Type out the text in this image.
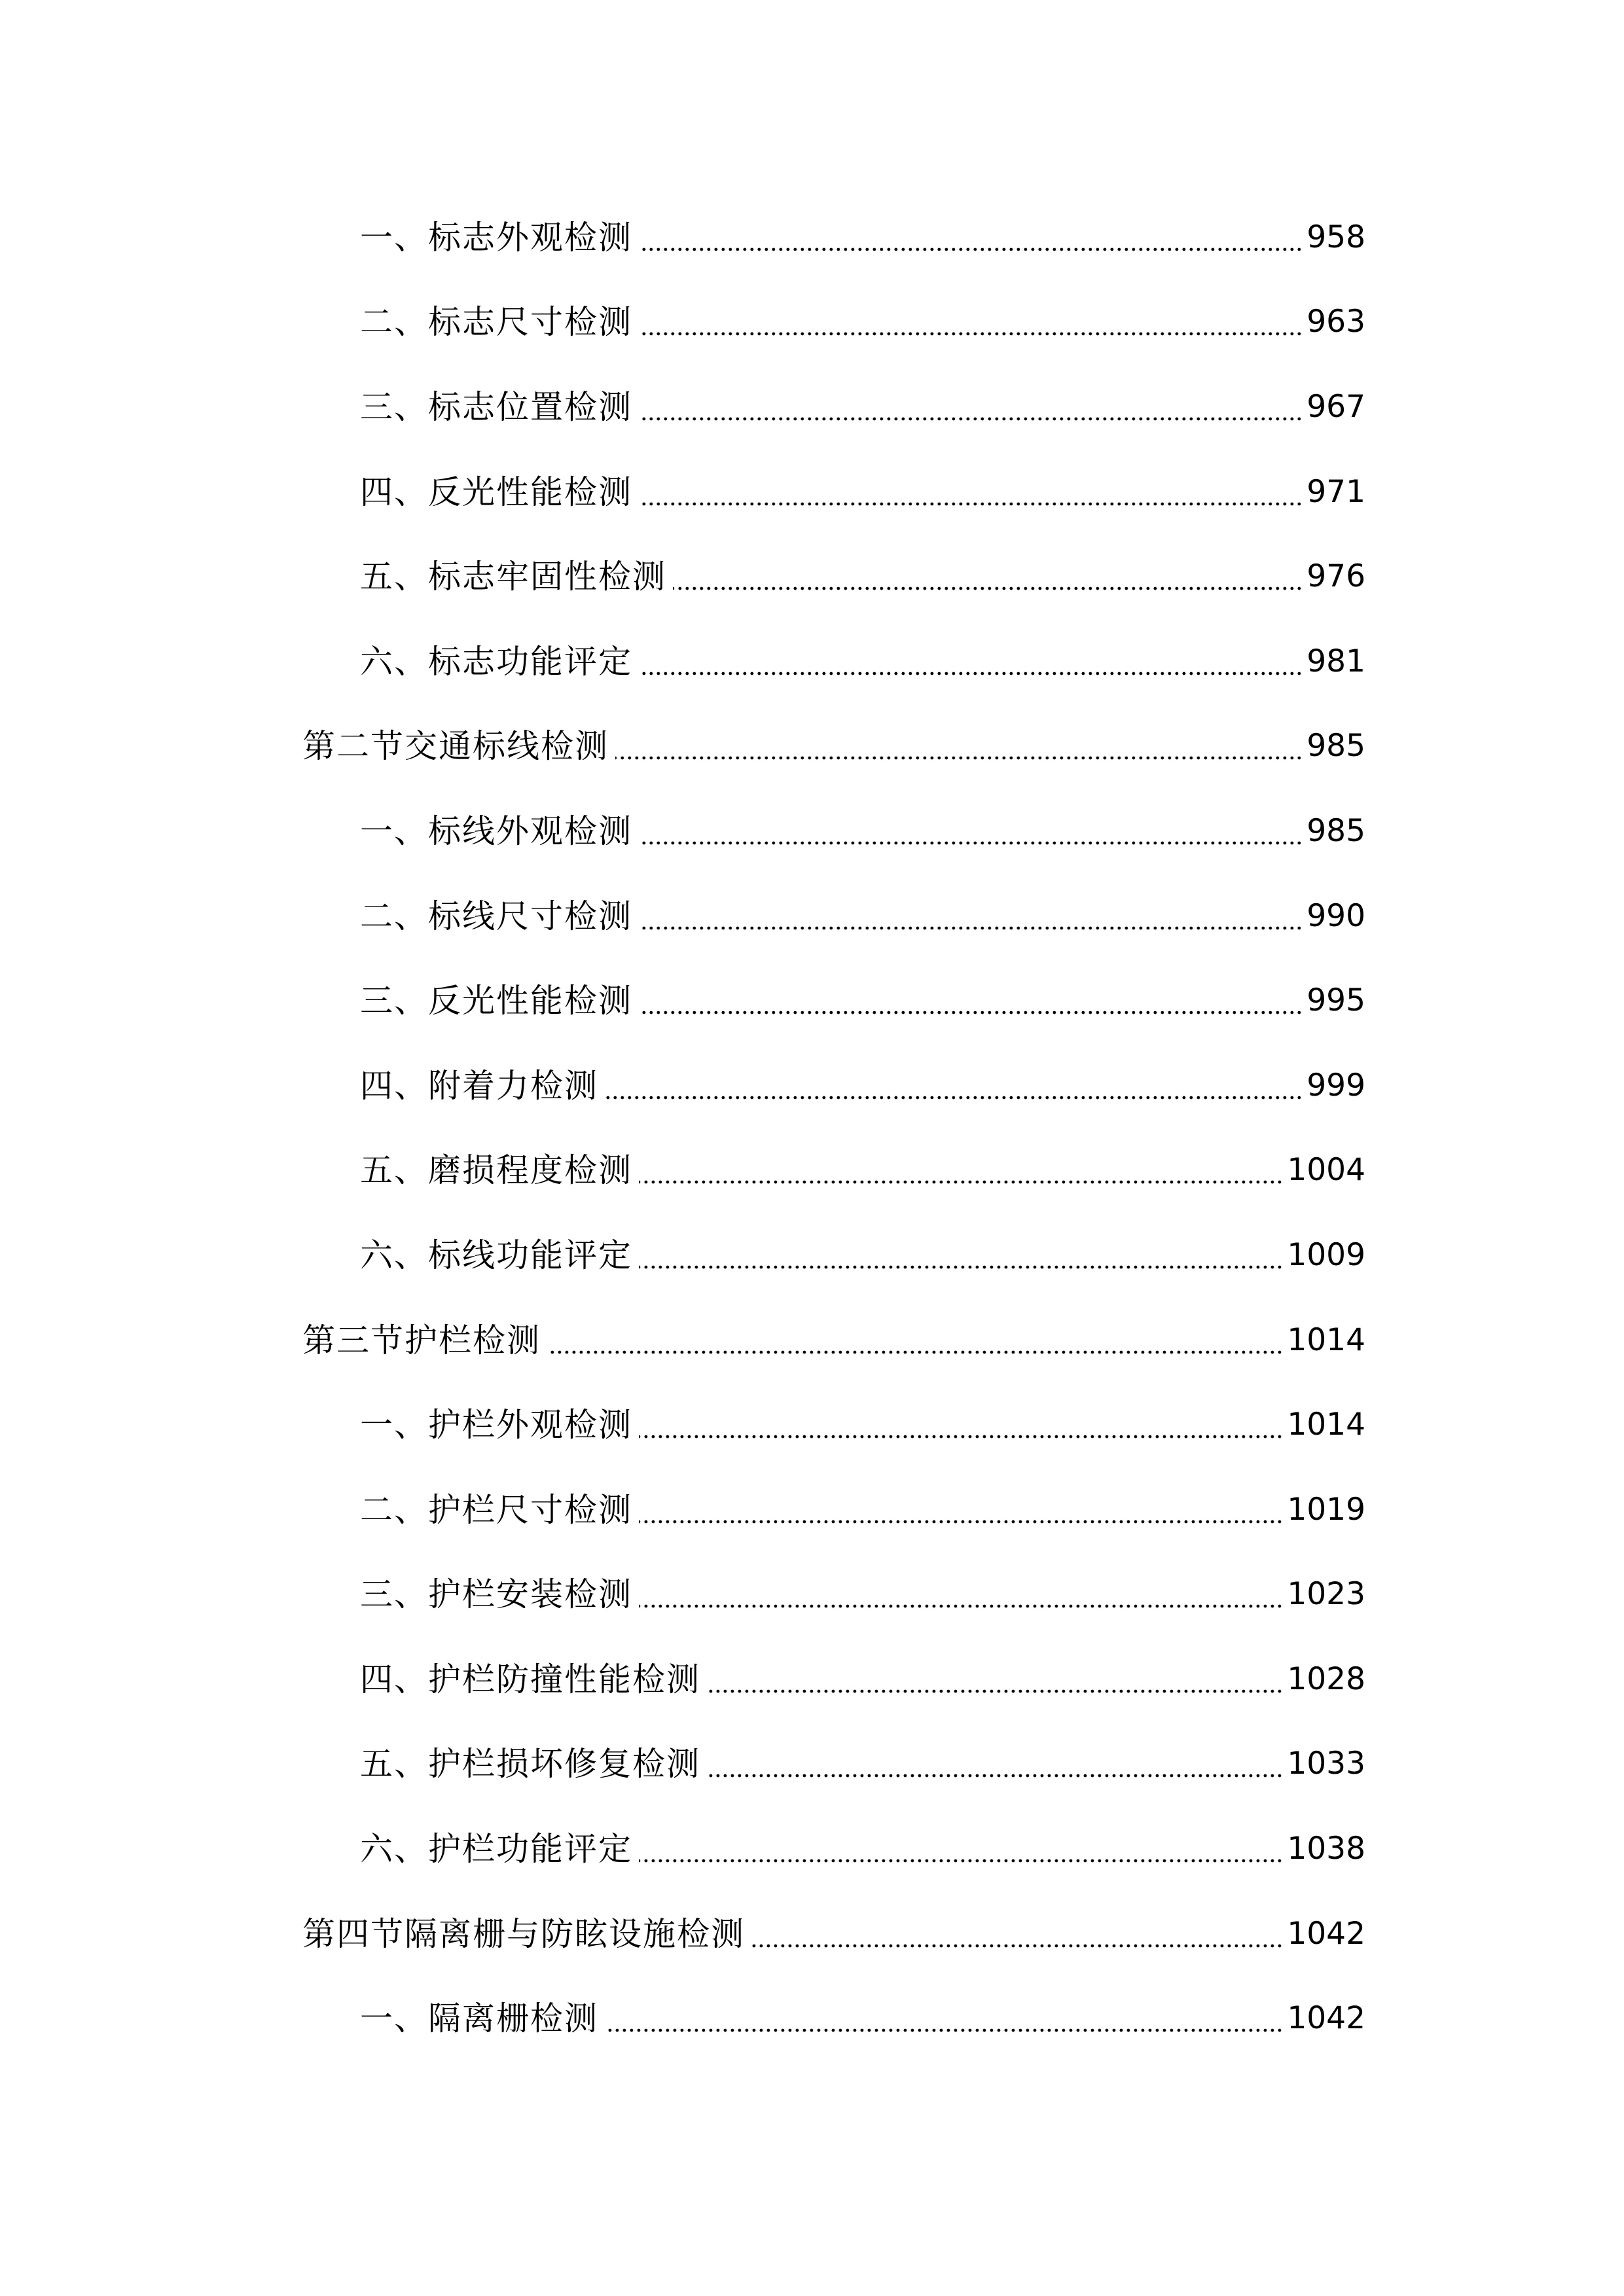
一、标志外观检测	958
二、标志尺寸检测	963
三、标志位置检测	967
四、反光性能检测	971
五、标志牢固性检测	976
六、标志功能评定	981
第二节交通标线检测	985
一、标线外观检测	985
二、标线尺寸检测	990
三、反光性能检测	995
四、附着力检测	999
五、磨损程度检测	1004
六、标线功能评定	1009
第三节护栏检测	1014
一、护栏外观检测	1014
二、护栏尺寸检测	1019
三、护栏安装检测	1023
四、护栏防撞性能检测	1028
五、护栏损坏修复检测	1033
六、护栏功能评定	1038
第四节隔离栅与防眩设施检测	1042
一、隔离栅检测	1042
